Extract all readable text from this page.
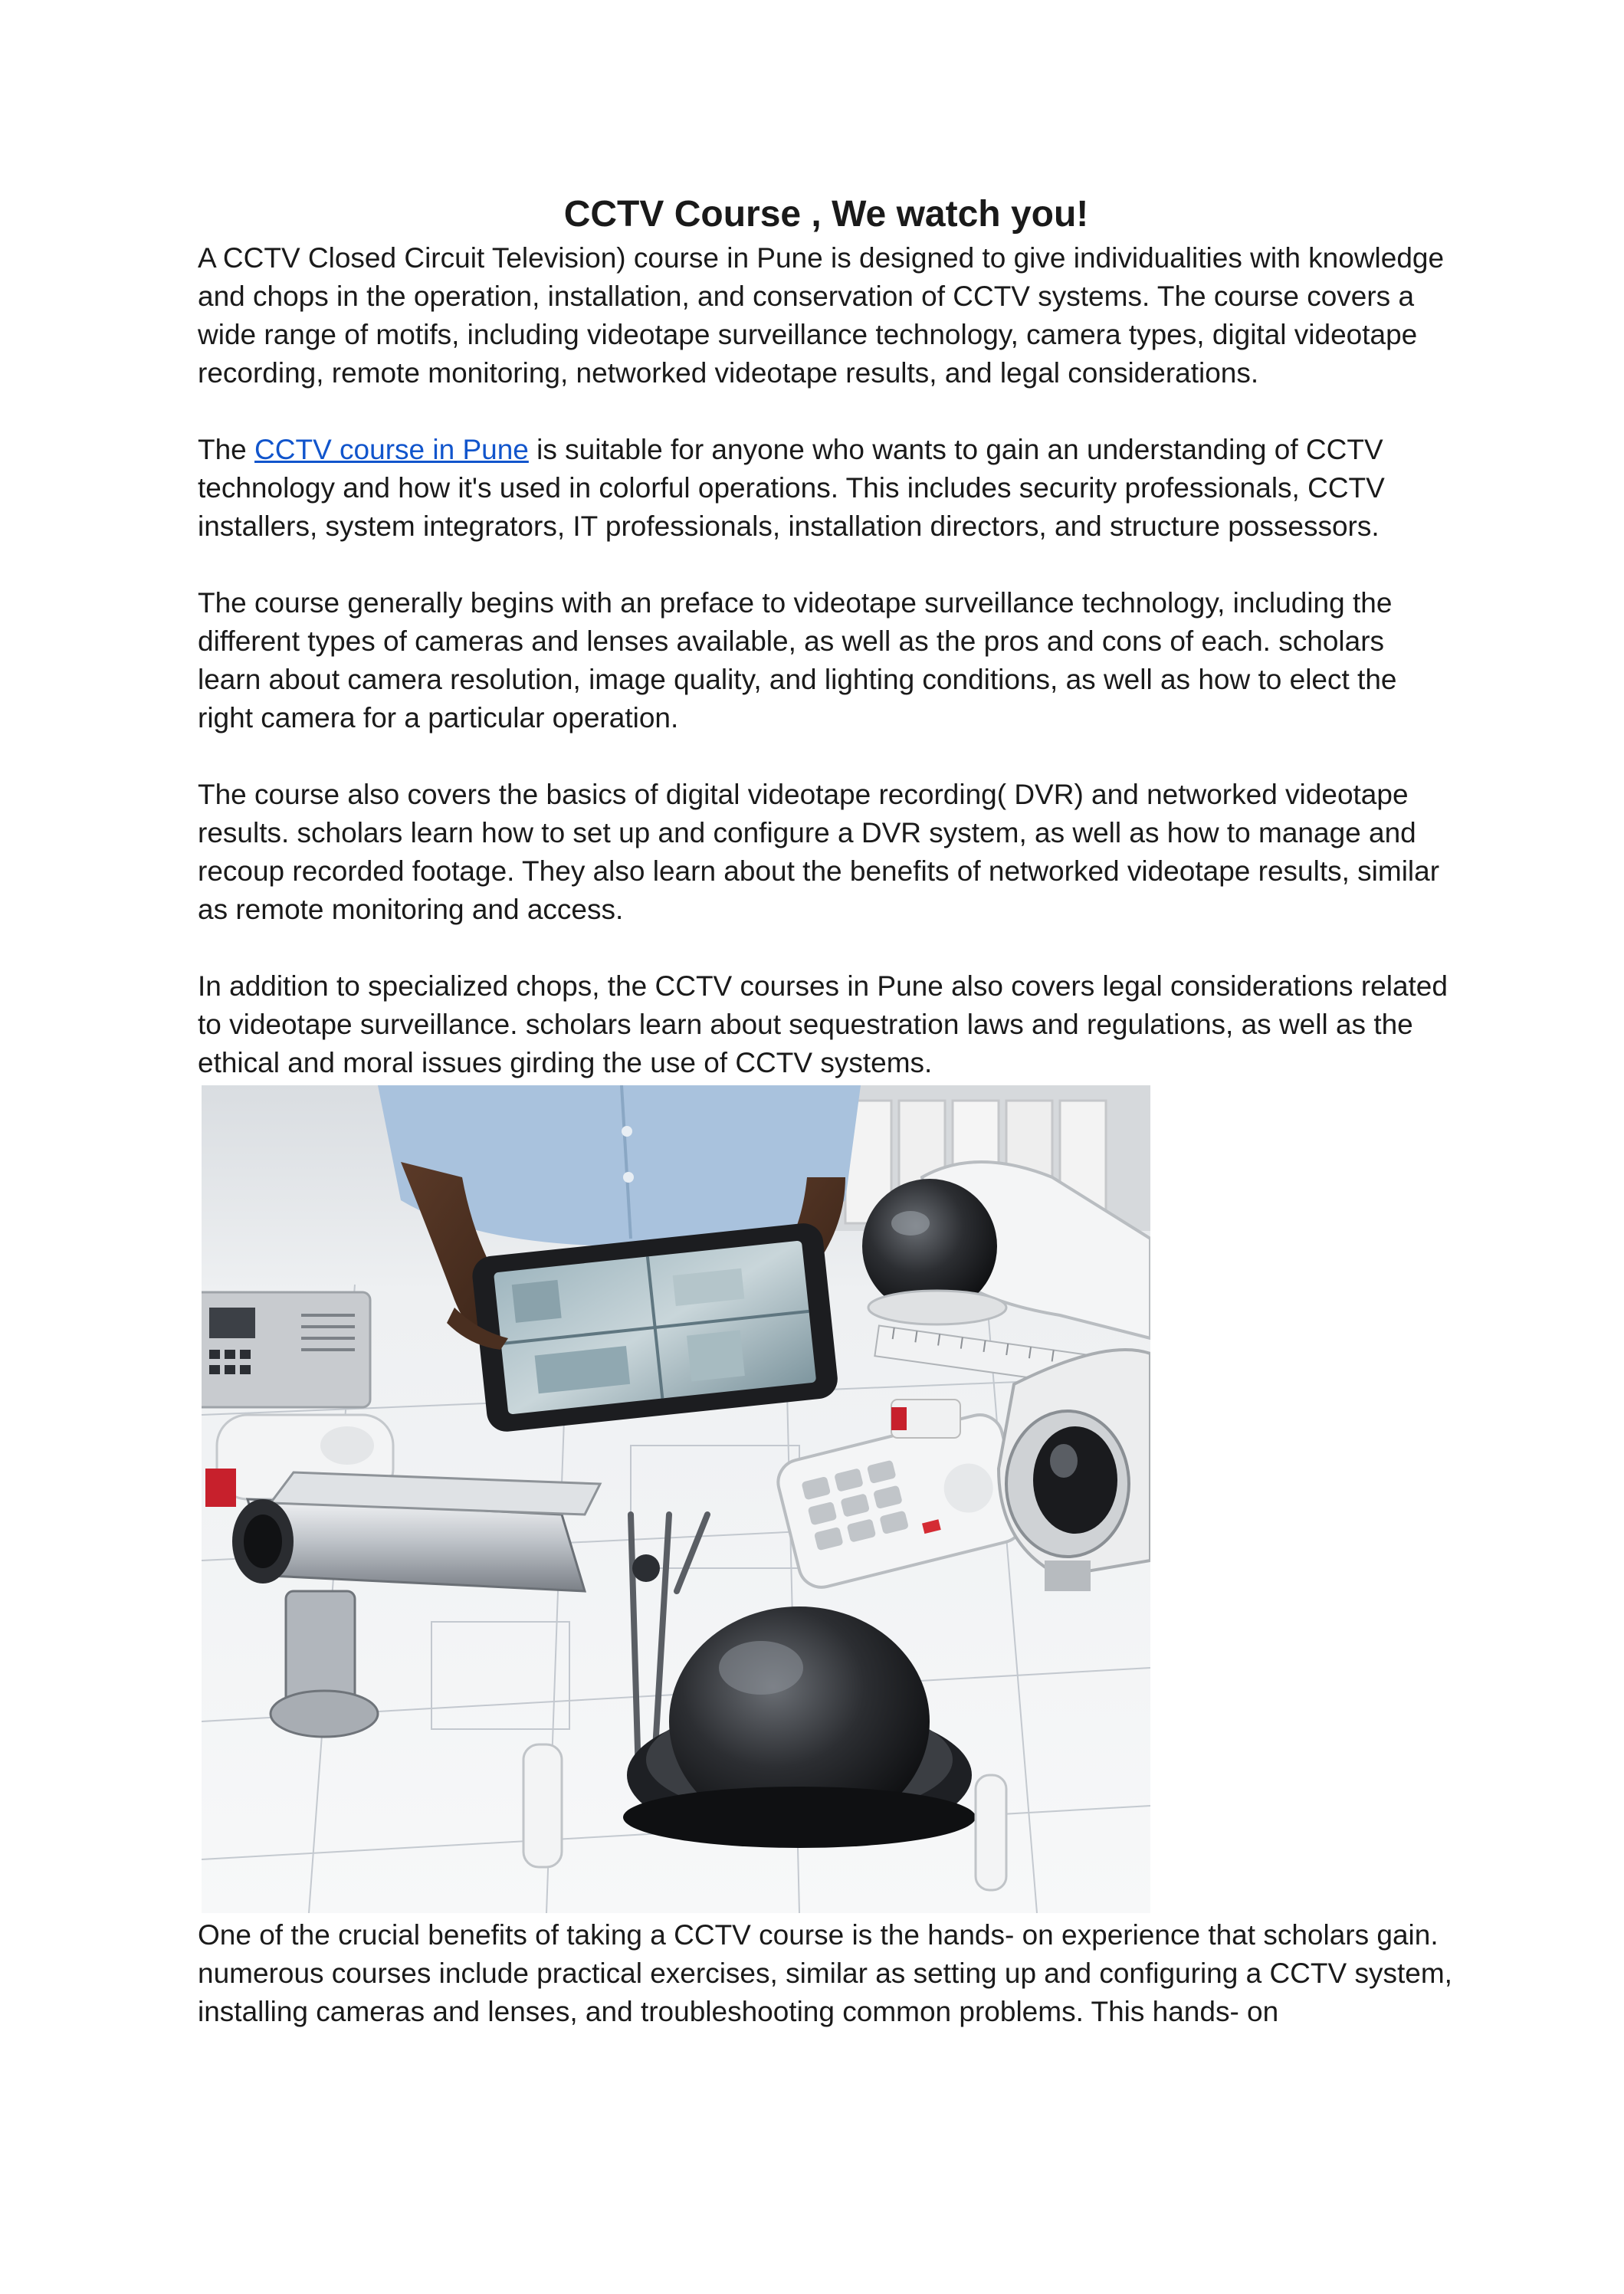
CCTV Course , We watch you!

A CCTV Closed Circuit Television) course in Pune is designed to give individualities with knowledge and chops in the operation, installation, and conservation of CCTV systems. The course covers a wide range of motifs, including videotape surveillance technology, camera types, digital videotape recording, remote monitoring, networked videotape results, and legal considerations.

The CCTV course in Pune is suitable for anyone who wants to gain an understanding of CCTV technology and how it's used in colorful operations. This includes security professionals, CCTV installers, system integrators, IT professionals, installation directors, and structure possessors.

The course generally begins with an preface to videotape surveillance technology, including the different types of cameras and lenses available, as well as the pros and cons of each. scholars learn about camera resolution, image quality, and lighting conditions, as well as how to elect the right camera for a particular operation.

The course also covers the basics of digital videotape recording( DVR) and networked videotape results. scholars learn how to set up and configure a DVR system, as well as how to manage and recoup recorded footage. They also learn about the benefits of networked videotape results, similar as remote monitoring and access.

In addition to specialized chops, the CCTV courses in Pune also covers legal considerations related to videotape surveillance. scholars learn about sequestration laws and regulations, as well as the ethical and moral issues girding the use of CCTV systems.

One of the crucial benefits of taking a CCTV course is the hands- on experience that scholars gain. numerous courses include practical exercises, similar as setting up and configuring a CCTV system, installing cameras and lenses, and troubleshooting common problems. This hands- on
